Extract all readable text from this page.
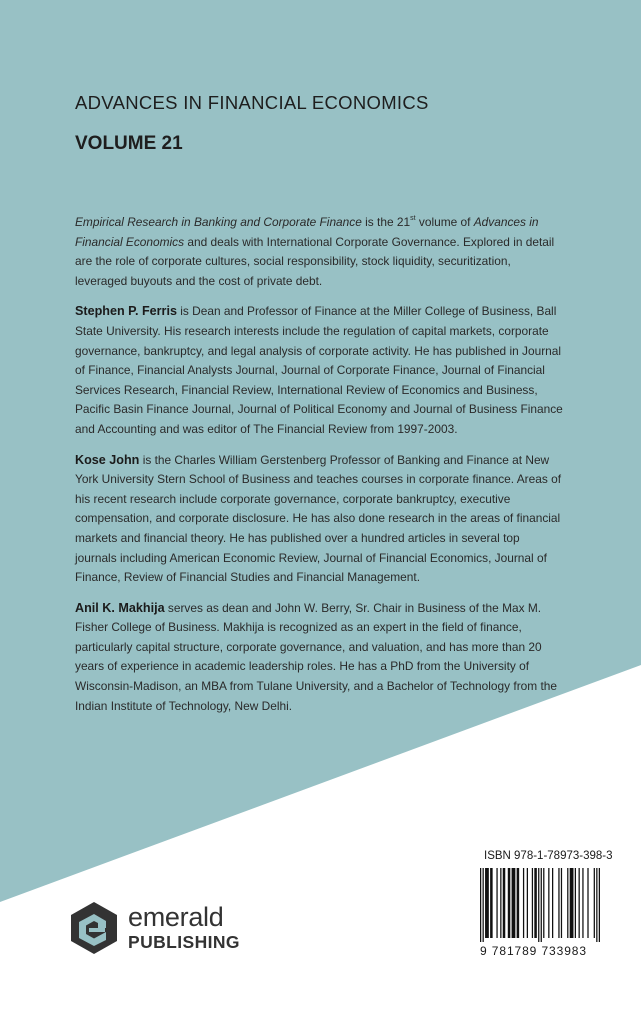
ADVANCES IN FINANCIAL ECONOMICS
VOLUME 21

Empirical Research in Banking and Corporate Finance is the 21st volume of Advances in Financial Economics and deals with International Corporate Governance. Explored in detail are the role of corporate cultures, social responsibility, stock liquidity, securitization, leveraged buyouts and the cost of private debt.

Stephen P. Ferris is Dean and Professor of Finance at the Miller College of Business, Ball State University. His research interests include the regulation of capital markets, corporate governance, bankruptcy, and legal analysis of corporate activity. He has published in Journal of Finance, Financial Analysts Journal, Journal of Corporate Finance, Journal of Financial Services Research, Financial Review, International Review of Economics and Business, Pacific Basin Finance Journal, Journal of Political Economy and Journal of Business Finance and Accounting and was editor of The Financial Review from 1997-2003.

Kose John is the Charles William Gerstenberg Professor of Banking and Finance at New York University Stern School of Business and teaches courses in corporate finance. Areas of his recent research include corporate governance, corporate bankruptcy, executive compensation, and corporate disclosure. He has also done research in the areas of financial markets and financial theory. He has published over a hundred articles in several top journals including American Economic Review, Journal of Financial Economics, Journal of Finance, Review of Financial Studies and Financial Management.

Anil K. Makhija serves as dean and John W. Berry, Sr. Chair in Business of the Max M. Fisher College of Business. Makhija is recognized as an expert in the field of finance, particularly capital structure, corporate governance, and valuation, and has more than 20 years of experience in academic leadership roles. He has a PhD from the University of Wisconsin-Madison, an MBA from Tulane University, and a Bachelor of Technology from the Indian Institute of Technology, New Delhi.

ISBN 978-1-78973-398-3
9 781789 733983
emerald
PUBLISHING
